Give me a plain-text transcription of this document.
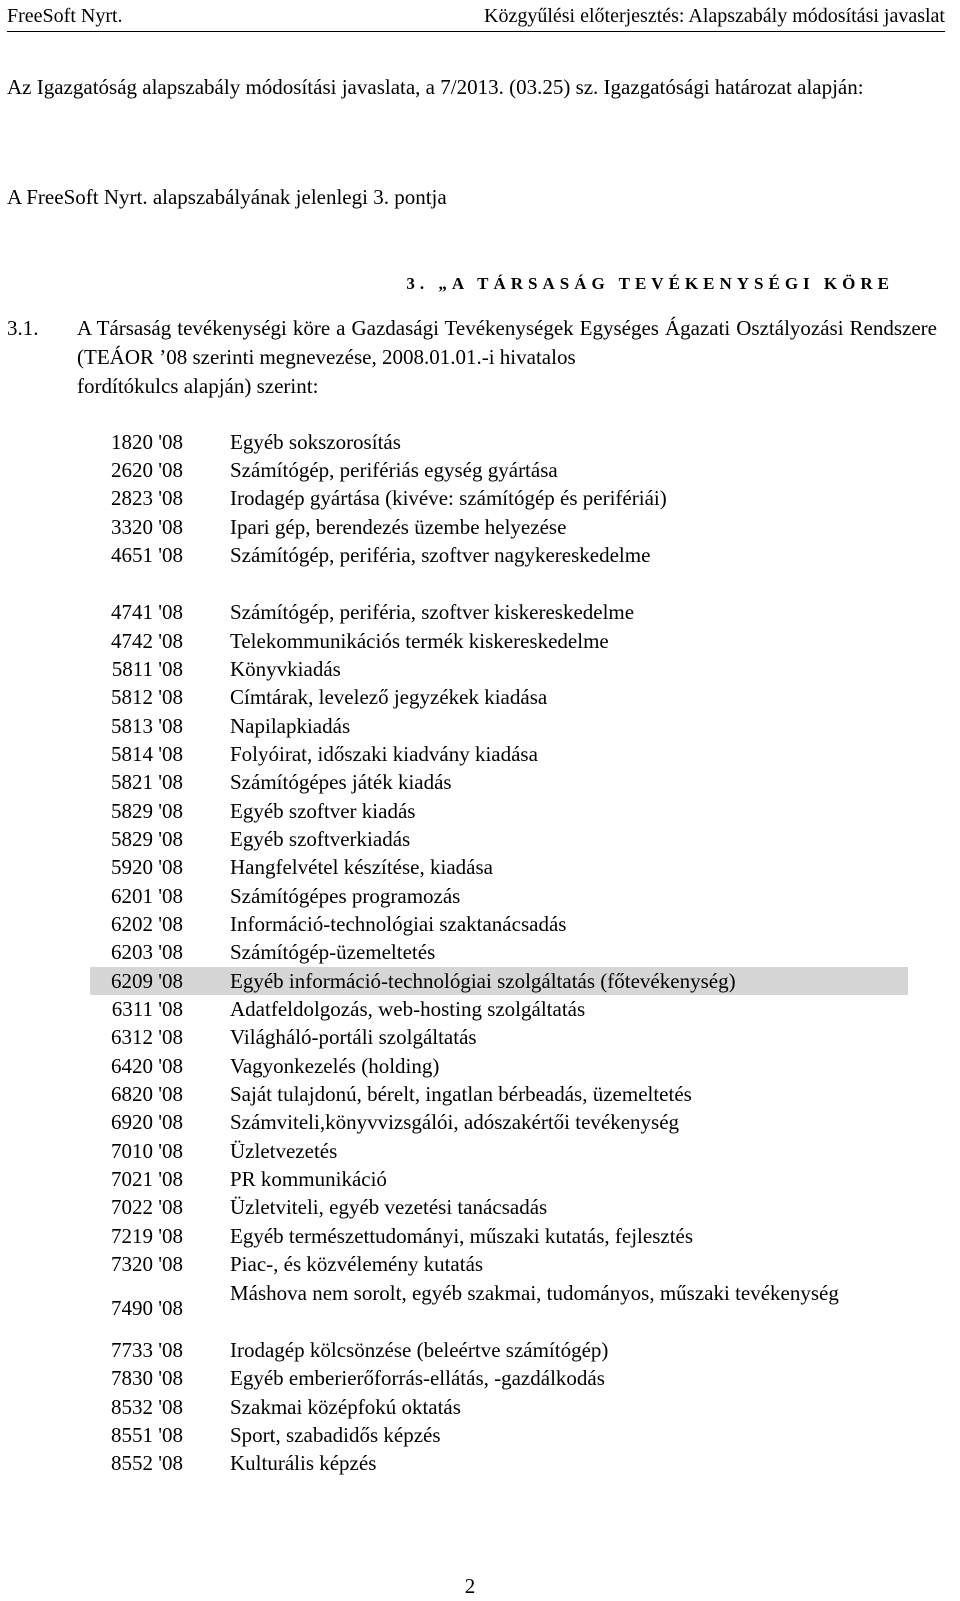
FreeSoft Nyrt.	Közgyűlési előterjesztés: Alapszabály módosítási javaslat
Az Igazgatóság alapszabály módosítási javaslata, a 7/2013. (03.25) sz. Igazgatósági határozat alapján:
A FreeSoft Nyrt. alapszabályának jelenlegi 3. pontja
3. „A TÁRSASÁG TEVÉKENYSÉGI KÖRE
3.1. A Társaság tevékenységi köre a Gazdasági Tevékenységek Egységes Ágazati Osztályozási Rendszere (TEÁOR ’08 szerinti megnevezése, 2008.01.01.-i hivatalos
fordítókulcs alapján) szerint:
1820 '08 Egyéb sokszorosítás
2620 '08 Számítógép, perifériás egység gyártása
2823 '08 Irodagép gyártása (kivéve: számítógép és perifériái)
3320 '08 Ipari gép, berendezés üzembe helyezése
4651 '08 Számítógép, periféria, szoftver nagykereskedelme
4741 '08 Számítógép, periféria, szoftver kiskereskedelme
4742 '08 Telekommunikációs termék kiskereskedelme
5811 '08 Könyvkiadás
5812 '08 Címtárak, levelező jegyzékek kiadása
5813 '08 Napilapkiadás
5814 '08 Folyóirat, időszaki kiadvány kiadása
5821 '08 Számítógépes játék kiadás
5829 '08 Egyéb szoftver kiadás
5829 '08 Egyéb szoftverkiadás
5920 '08 Hangfelvétel készítése, kiadása
6201 '08 Számítógépes programozás
6202 '08 Információ-technológiai szaktanácsadás
6203 '08 Számítógép-üzemeltetés
6209 '08 Egyéb információ-technológiai szolgáltatás (főtevékenység)
6311 '08 Adatfeldolgozás, web-hosting szolgáltatás
6312 '08 Világháló-portáli szolgáltatás
6420 '08 Vagyonkezelés (holding)
6820 '08 Saját tulajdonú, bérelt, ingatlan bérbeadás, üzemeltetés
6920 '08 Számviteli,könyvvizsgálói, adószakértői tevékenység
7010 '08 Üzletvezetés
7021 '08 PR kommunikáció
7022 '08 Üzletviteli, egyéb vezetési tanácsadás
7219 '08 Egyéb természettudományi, műszaki kutatás, fejlesztés
7320 '08 Piac-, és közvélemény kutatás
7490 '08
Máshova nem sorolt, egyéb szakmai, tudományos, műszaki tevékenység
7733 '08 Irodagép kölcsönzése (beleértve számítógép)
7830 '08 Egyéb emberierőforrás-ellátás, -gazdálkodás
8532 '08 Szakmai középfokú oktatás
8551 '08 Sport, szabadidős képzés
8552 '08 Kulturális képzés
2
